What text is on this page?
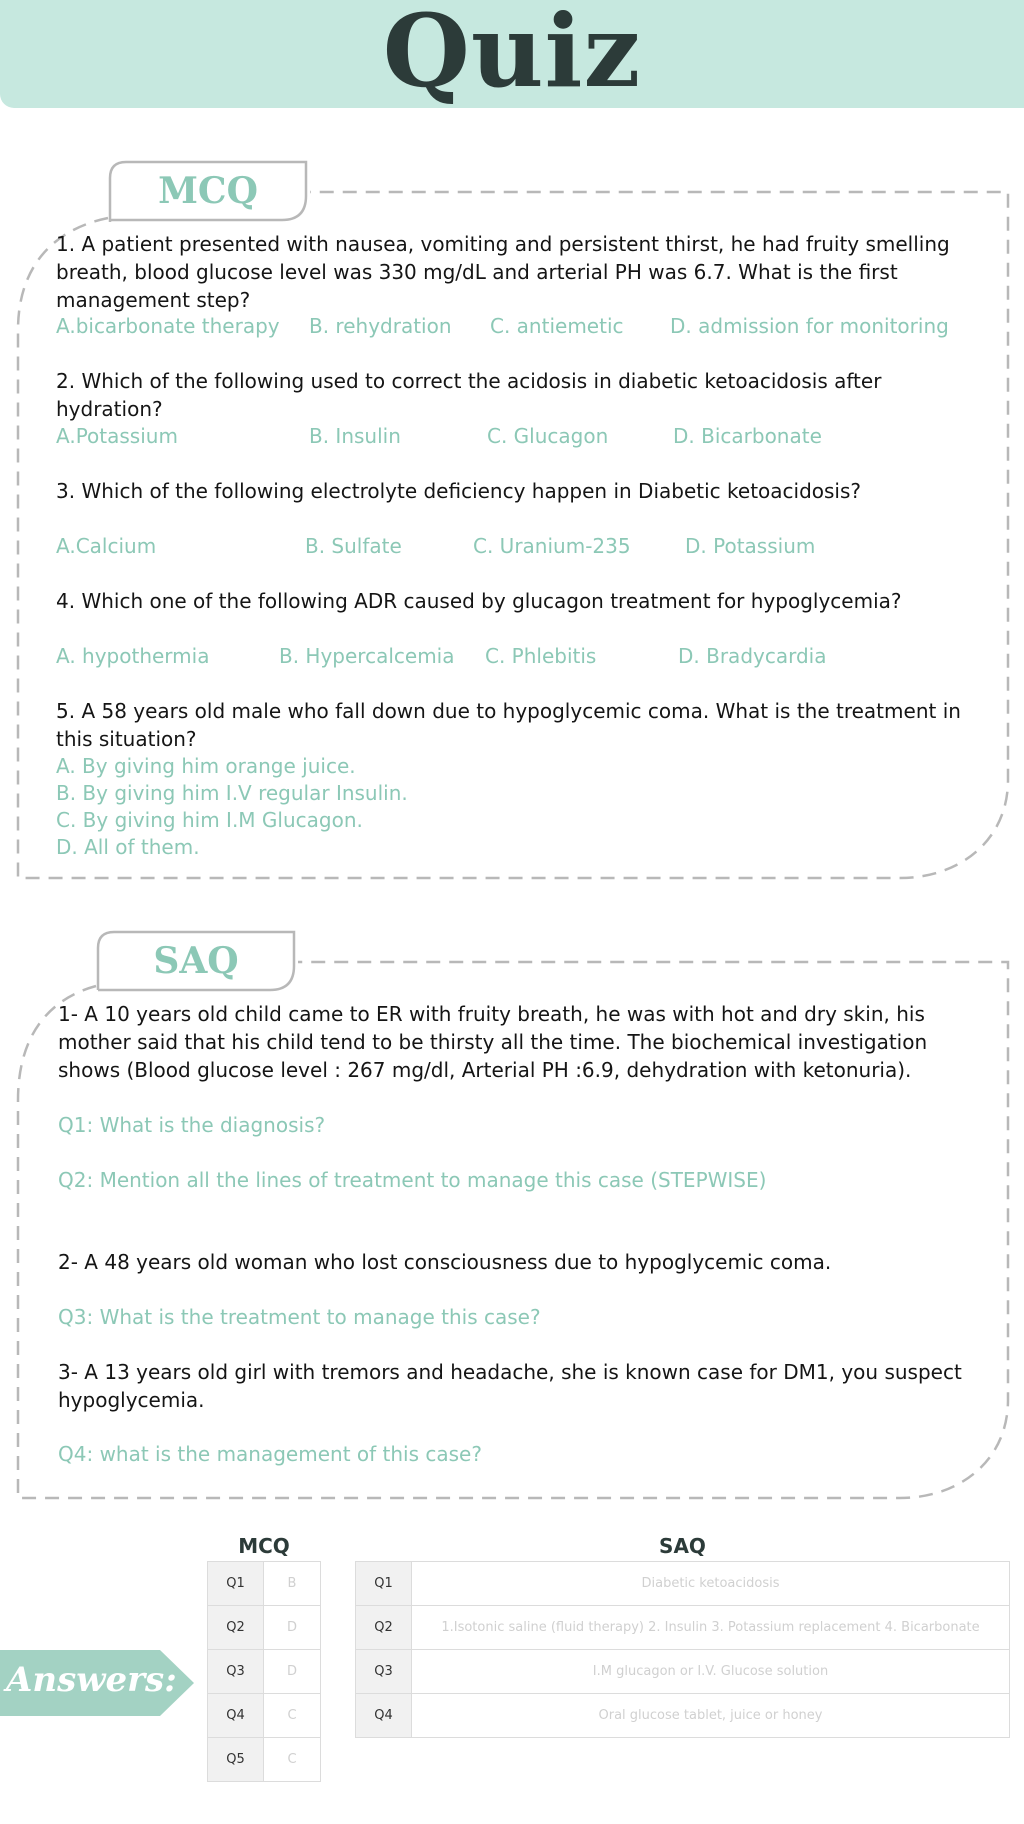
Quiz
MCQ
1. A patient presented with nausea, vomiting and persistent thirst, he had fruity smelling breath, blood glucose level was 330 mg/dL and arterial PH was 6.7. What is the first management step?
A.bicarbonate therapy B. rehydration C. antiemetic D. admission for monitoring
2. Which of the following used to correct the acidosis in diabetic ketoacidosis after hydration?
A.Potassium	B. Insulin	C. Glucagon	D. Bicarbonate
3. Which of the following electrolyte deficiency happen in Diabetic ketoacidosis?
A.Calcium	B. Sulfate	C. Uranium-235	D. Potassium
4. Which one of the following ADR caused by glucagon treatment for hypoglycemia?
A. hypothermia	B. Hypercalcemia C. Phlebitis	D. Bradycardia
5. A 58 years old male who fall down due to hypoglycemic coma. What is the treatment in this situation?
A. By giving him orange juice.
B. By giving him I.V regular Insulin.
C. By giving him I.M Glucagon.
D. All of them.
SAQ
1- A 10 years old child came to ER with fruity breath, he was with hot and dry skin, his mother said that his child tend to be thirsty all the time. The biochemical investigation shows (Blood glucose level : 267 mg/dl, Arterial PH :6.9, dehydration with ketonuria).
Q1: What is the diagnosis?
Q2: Mention all the lines of treatment to manage this case (STEPWISE)
2- A 48 years old woman who lost consciousness due to hypoglycemic coma.
Q3: What is the treatment to manage this case?
3- A 13 years old girl with tremors and headache, she is known case for DM1, you suspect hypoglycemia.
Q4: what is the management of this case?
MCQ	SAQ
Q1	B
Q2	D
Q3	D
Q4	C
Q5	C
Q1	Diabetic ketoacidosis
Q2	1.Isotonic saline (fluid therapy) 2. Insulin 3. Potassium replacement 4. Bicarbonate
Q3	I.M glucagon or I.V. Glucose solution
Q4	Oral glucose tablet, juice or honey
Answers:
